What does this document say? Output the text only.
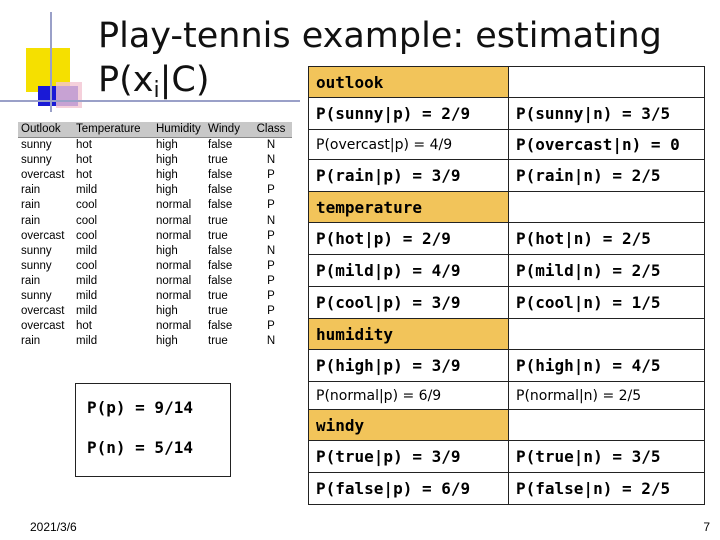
Play-tennis example: estimating
$P(x_i|C)$
Outlook	Temperature	Humidity	Windy	Class
sunny	hot	high	false	N
sunny	hot	high	true	N
overcast	hot	high	false	P
rain	mild	high	false	P
rain	cool	normal	false	P
rain	cool	normal	true	N
overcast	cool	normal	true	P
sunny	mild	high	false	N
sunny	cool	normal	false	P
rain	mild	normal	false	P
sunny	mild	normal	true	P
overcast	mild	high	true	P
overcast	hot	normal	false	P
rain	mild	high	true	N
P(p) = 9/14
P(n) = 5/14
outlook	
P(sunny|p) = 2/9	P(sunny|n) = 3/5
P(overcast|p) = 4/9	P(overcast|n) = 0
P(rain|p) = 3/9	P(rain|n) = 2/5
temperature	
P(hot|p) = 2/9	P(hot|n) = 2/5
P(mild|p) = 4/9	P(mild|n) = 2/5
P(cool|p) = 3/9	P(cool|n) = 1/5
humidity	
P(high|p) = 3/9	P(high|n) = 4/5
P(normal|p) = 6/9	P(normal|n) = 2/5
windy	
P(true|p) = 3/9	P(true|n) = 3/5
P(false|p) = 6/9	P(false|n) = 2/5
2021/3/6	7
